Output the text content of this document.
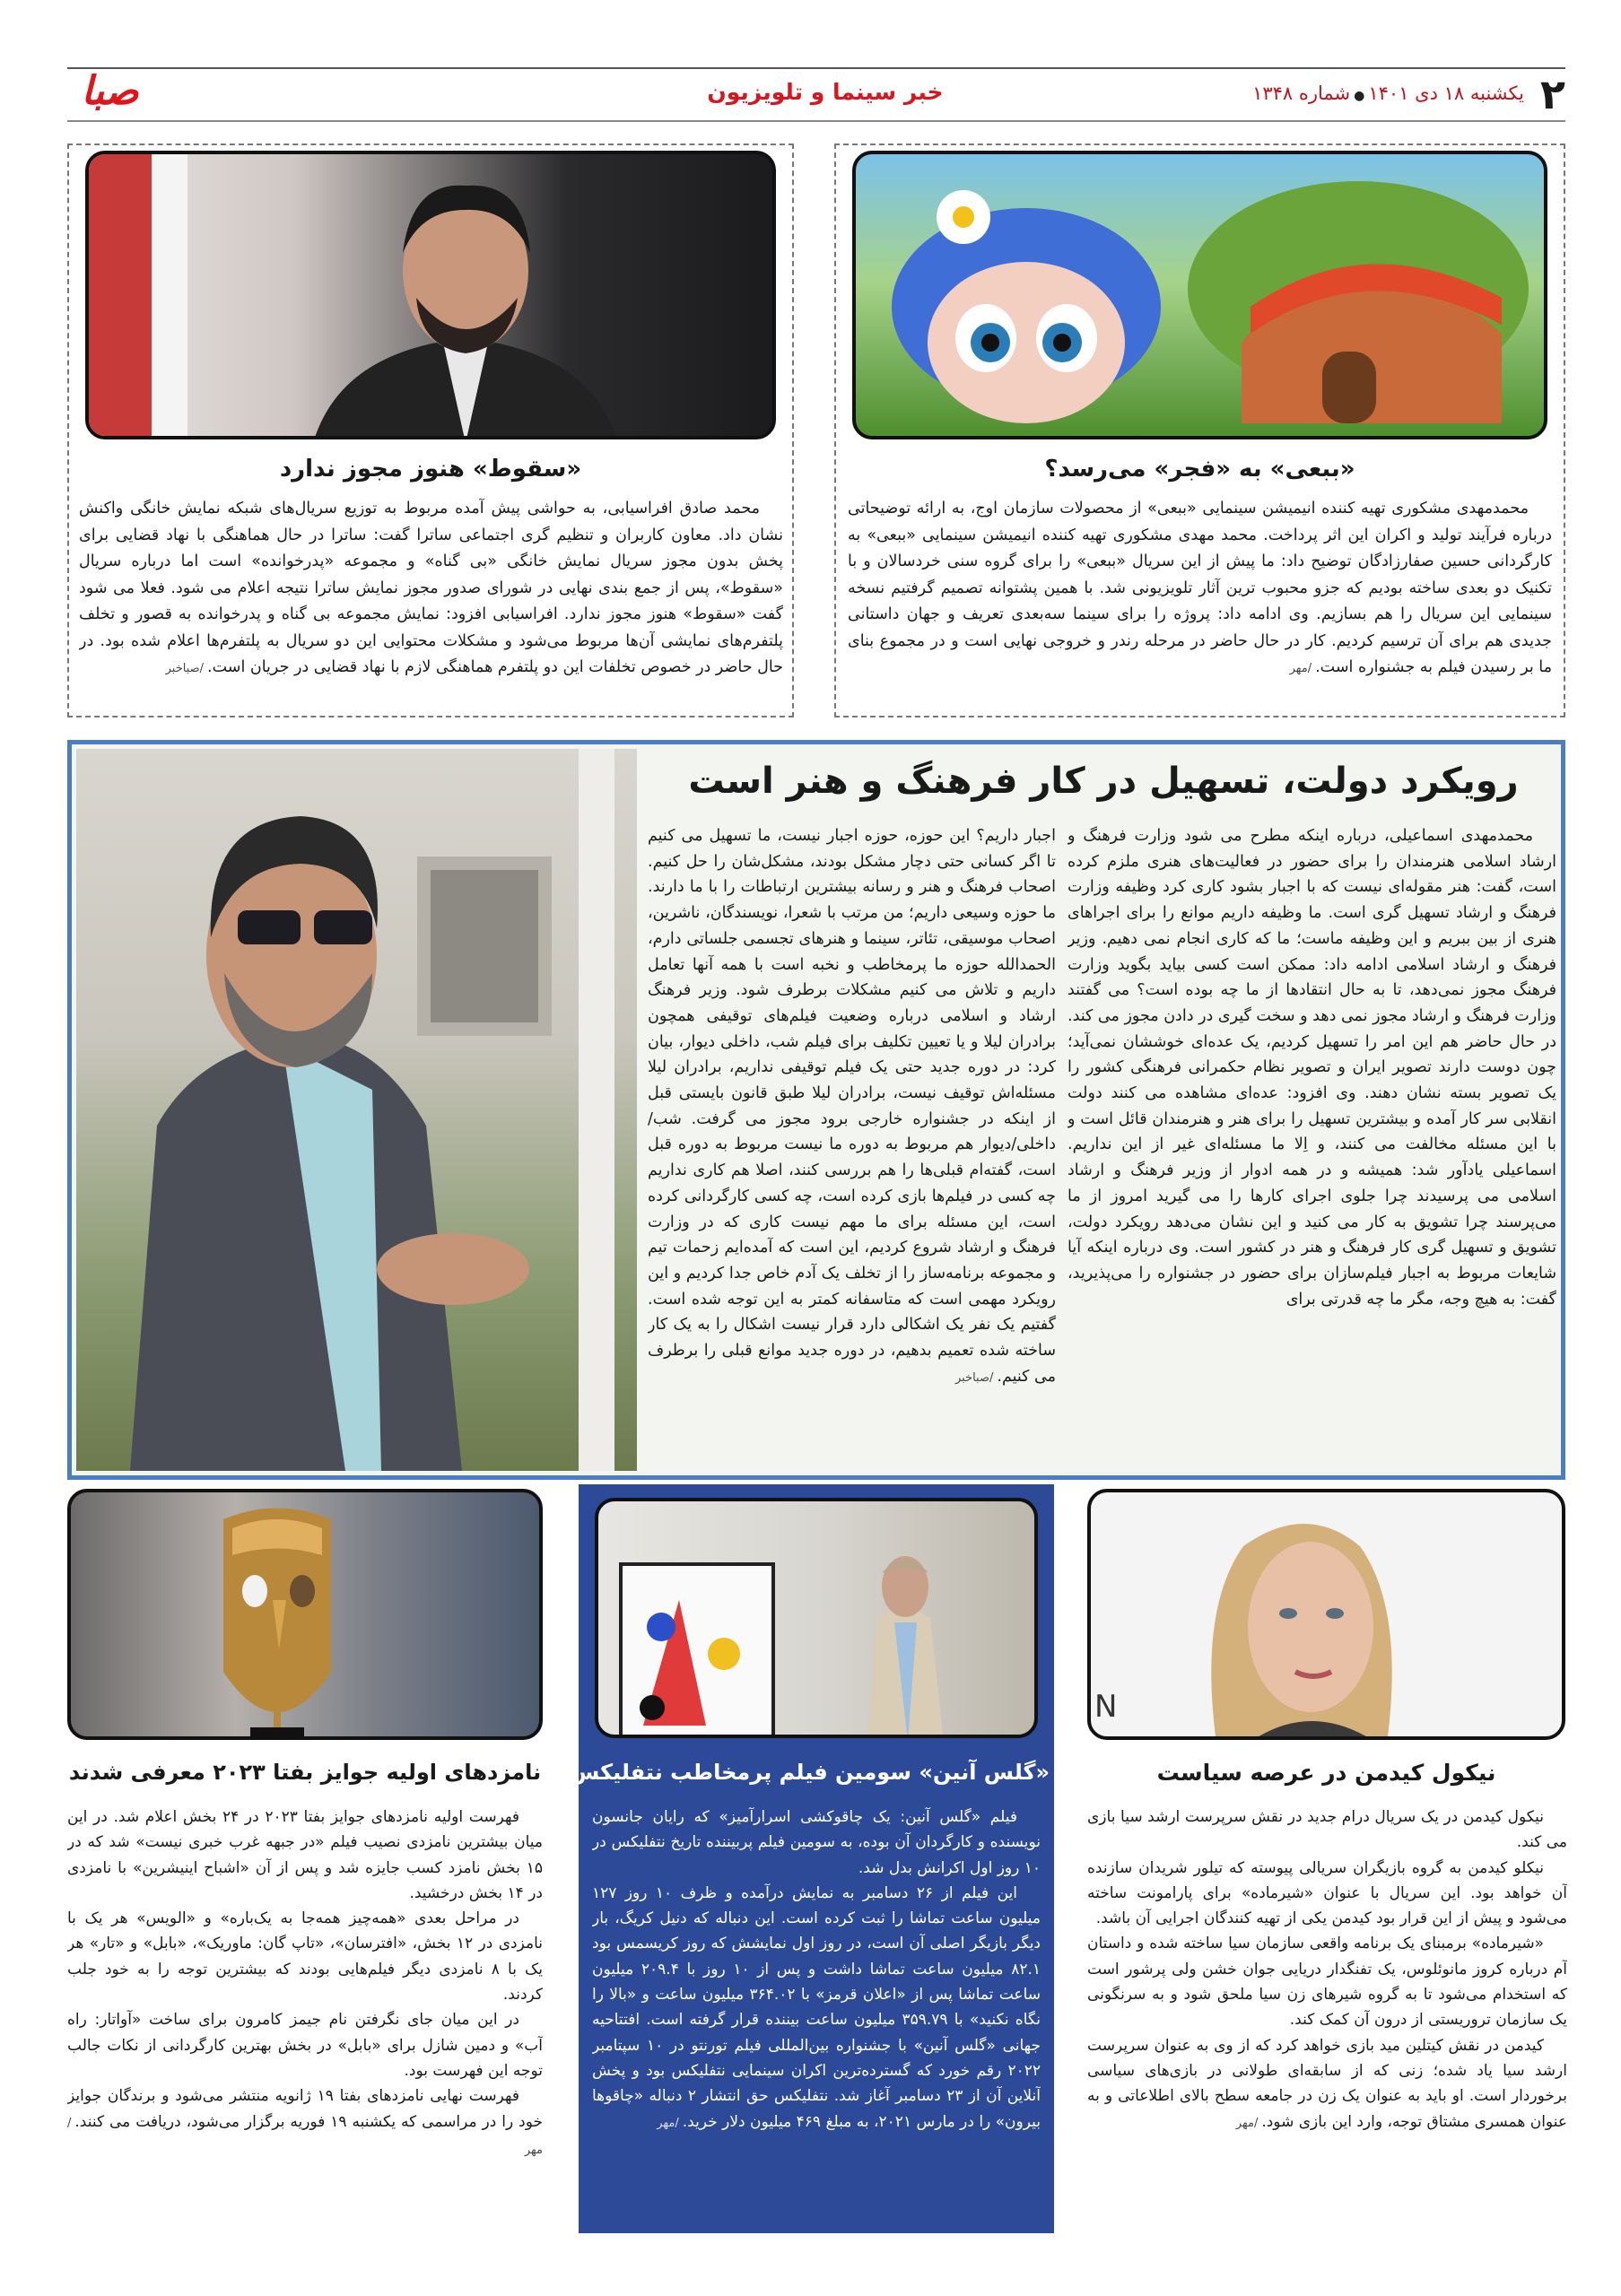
صبا	خبر سینما و تلویزیون	۲
یکشنبه ۱۸ دی ۱۴۰۱●شماره ۱۳۴۸
«ببعی» به «فجر» می‌رسد؟

محمدمهدی مشکوری تهیه کننده انیمیشن سینمایی «ببعی» از محصولات سازمان اوج، به ارائه توضیحاتی درباره فرآیند تولید و اکران این اثر پرداخت. محمد مهدی مشکوری تهیه کننده انیمیشن سینمایی «ببعی» به کارگردانی حسین صفارزادگان توضیح داد: ما پیش از این سریال «ببعی» را برای گروه سنی خردسالان و با تکنیک دو بعدی ساخته بودیم که جزو محبوب ترین آثار تلویزیونی شد. با همین پشتوانه تصمیم گرفتیم نسخه سینمایی این سریال را هم بسازیم. وی ادامه داد: پروژه را برای سینما سه‌بعدی تعریف و جهان داستانی جدیدی هم برای آن ترسیم کردیم. کار در حال حاضر در مرحله رندر و خروجی نهایی است و در مجموع بنای ما بر رسیدن فیلم به جشنواره است./مهر

«سقوط» هنوز مجوز ندارد

محمد صادق افراسیابی، به حواشی پیش آمده مربوط به توزیع سریال‌های شبکه نمایش خانگی واکنش نشان داد. معاون کاربران و تنظیم گری اجتماعی ساترا گفت: ساترا در حال هماهنگی با نهاد قضایی برای پخش بدون مجوز سریال نمایش خانگی «بی گناه» و مجموعه «پدرخوانده» است اما درباره سریال «سقوط»، پس از جمع بندی نهایی در شورای صدور مجوز نمایش ساترا نتیجه اعلام می شود. فعلا می شود گفت «سقوط» هنوز مجوز ندارد. افراسیابی افزود: نمایش مجموعه بی گناه و پدرخوانده به قصور و تخلف پلتفرم‌های نمایشی آن‌ها مربوط می‌شود و مشکلات محتوایی این دو سریال به پلتفرم‌ها اعلام شده بود. در حال حاضر در خصوص تخلفات این دو پلتفرم هماهنگی لازم با نهاد قضایی در جریان است./صباخبر

رویکرد دولت، تسهیل در کار فرهنگ و هنر است

محمدمهدی اسماعیلی، درباره اینکه مطرح می شود وزارت فرهنگ و ارشاد اسلامی هنرمندان را برای حضور در فعالیت‌های هنری ملزم کرده است، گفت: هنر مقوله‌ای نیست که با اجبار بشود کاری کرد وظیفه وزارت فرهنگ و ارشاد تسهیل گری است. ما وظیفه داریم موانع را برای اجراهای هنری از بین ببریم و این وظیفه ماست؛ ما که کاری انجام نمی دهیم. وزیر فرهنگ و ارشاد اسلامی ادامه داد: ممکن است کسی بیاید بگوید وزارت فرهنگ مجوز نمی‌دهد، تا به حال انتقادها از ما چه بوده است؟ می گفتند وزارت فرهنگ و ارشاد مجوز نمی دهد و سخت گیری در دادن مجوز می کند. در حال حاضر هم این امر را تسهیل کردیم، یک عده‌ای خوششان نمی‌آید؛ چون دوست دارند تصویر ایران و تصویر نظام حکمرانی فرهنگی کشور را یک تصویر بسته نشان دهند. وی افزود: عده‌ای مشاهده می کنند دولت انقلابی سر کار آمده و بیشترین تسهیل را برای هنر و هنرمندان قائل است و با این مسئله مخالفت می کنند، و اِلا ما مسئله‌ای غیر از این نداریم. اسماعیلی یادآور شد: همیشه و در همه ادوار از وزیر فرهنگ و ارشاد اسلامی می پرسیدند چرا جلوی اجرای کارها را می گیرید امروز از ما می‌پرسند چرا تشویق به کار می کنید و این نشان می‌دهد رویکرد دولت، تشویق و تسهیل گری کار فرهنگ و هنر در کشور است. وی درباره اینکه آیا شایعات مربوط به اجبار فیلم‌سازان برای حضور در جشنواره را می‌پذیرید، گفت: به هیچ وجه، مگر ما چه قدرتی برای

اجبار داریم؟ این حوزه، حوزه اجبار نیست، ما تسهیل می کنیم تا اگر کسانی حتی دچار مشکل بودند، مشکل‌شان را حل کنیم. اصحاب فرهنگ و هنر و رسانه بیشترین ارتباطات را با ما دارند. ما حوزه وسیعی داریم؛ من مرتب با شعرا، نویسندگان، ناشرین، اصحاب موسیقی، تئاتر، سینما و هنرهای تجسمی جلساتی دارم، الحمدالله حوزه ما پرمخاطب و نخبه است با همه آنها تعامل داریم و تلاش می کنیم مشکلات برطرف شود. وزیر فرهنگ ارشاد و اسلامی درباره وضعیت فیلم‌های توقیفی همچون برادران لیلا و یا تعیین تکلیف برای فیلم شب، داخلی دیوار، بیان کرد: در دوره جدید حتی یک فیلم توقیفی نداریم، برادران لیلا مسئله‌اش توقیف نیست، برادران لیلا طبق قانون بایستی قبل از اینکه در جشنواره خارجی برود مجوز می گرفت. شب/داخلی/دیوار هم مربوط به دوره ما نیست مربوط به دوره قبل است، گفته‌ام قبلی‌ها را هم بررسی کنند، اصلا هم کاری نداریم چه کسی در فیلم‌ها بازی کرده است، چه کسی کارگردانی کرده است، این مسئله برای ما مهم نیست کاری که در وزارت فرهنگ و ارشاد شروع کردیم، این است که آمده‌ایم زحمات تیم و مجموعه برنامه‌ساز را از تخلف یک آدم خاص جدا کردیم و این رویکرد مهمی است که متاسفانه کمتر به این توجه شده است. گفتیم یک نفر یک اشکالی دارد قرار نیست اشکال را به یک کار ساخته شده تعمیم بدهیم، در دوره جدید موانع قبلی را برطرف می کنیم./صباخبر

N
نیکول کیدمن در عرصه سیاست

نیکول کیدمن در یک سریال درام جدید در نقش سرپرست ارشد سیا بازی می کند.

نیکلو کیدمن به گروه بازیگران سریالی پیوسته که تیلور شریدان سازنده آن خواهد بود. این سریال با عنوان «شیرماده» برای پارامونت ساخته می‌شود و پیش از این قرار بود کیدمن یکی از تهیه کنندگان اجرایی آن باشد.

«شیرماده» برمبنای یک برنامه واقعی سازمان سیا ساخته شده و داستان آم درباره کروز مانوئلوس، یک تفنگدار دریایی جوان خشن ولی پرشور است که استخدام می‌شود تا به گروه شیرهای زن سیا ملحق شود و به سرنگونی یک سازمان تروریستی از درون آن کمک کند.

کیدمن در نقش کیتلین مید بازی خواهد کرد که از وی به عنوان سرپرست ارشد سیا یاد شده؛ زنی که از سابقه‌ای طولانی در بازی‌های سیاسی برخوردار است. او باید به عنوان یک زن در جامعه سطح بالای اطلاعاتی و به عنوان همسری مشتاق توجه، وارد این بازی شود./مهر

«گلس آنین» سومین فیلم پرمخاطب نتفلیکس شد

فیلم «گلس آنین: یک چاقوکشی اسرارآمیز» که رایان جانسون نویسنده و کارگردان آن بوده، به سومین فیلم پربیننده تاریخ نتفلیکس در ۱۰ روز اول اکرانش بدل شد.

این فیلم از ۲۶ دسامبر به نمایش درآمده و ظرف ۱۰ روز ۱۲۷ میلیون ساعت تماشا را ثبت کرده است. این دنباله که دنیل کریگ، بار دیگر بازیگر اصلی آن است، در روز اول نمایشش که روز کریسمس بود ۸۲.۱ میلیون ساعت تماشا داشت و پس از ۱۰ روز با ۲۰۹.۴ میلیون ساعت تماشا پس از «اعلان قرمز» با ۳۶۴.۰۲ میلیون ساعت و «بالا را نگاه نکنید» با ۳۵۹.۷۹ میلیون ساعت بیننده قرار گرفته است. افتتاحیه جهانی «گلس آنین» با جشنواره بین‌المللی فیلم تورنتو در ۱۰ سپتامبر ۲۰۲۲ رقم خورد که گسترده‌ترین اکران سینمایی نتفلیکس بود و پخش آنلاین آن از ۲۳ دسامبر آغاز شد. نتفلیکس حق انتشار ۲ دنباله «چاقوها بیرون» را در مارس ۲۰۲۱، به مبلغ ۴۶۹ میلیون دلار خرید./مهر

نامزدهای اولیه جوایز بفتا ۲۰۲۳ معرفی شدند

فهرست اولیه نامزدهای جوایز بفتا ۲۰۲۳ در ۲۴ بخش اعلام شد. در این میان بیشترین نامزدی نصیب فیلم «در جبهه غرب خبری نیست» شد که در ۱۵ بخش نامزد کسب جایزه شد و پس از آن «اشباح اینیشرین» با نامزدی در ۱۴ بخش درخشید.

در مراحل بعدی «همه‌چیز همه‌جا به یک‌باره» و «الویس» هر یک با نامزدی در ۱۲ بخش، «افترسان»، «تاپ گان: ماوریک»، «بابل» و «تار» هر یک با ۸ نامزدی دیگر فیلم‌هایی بودند که بیشترین توجه را به خود جلب کردند.

در این میان جای نگرفتن نام جیمز کامرون برای ساخت «آواتار: راه آب» و دمین شازل برای «بابل» در بخش بهترین کارگردانی از نکات جالب توجه این فهرست بود.

فهرست نهایی نامزدهای بفتا ۱۹ ژانویه منتشر می‌شود و برندگان جوایز خود را در مراسمی که یکشنبه ۱۹ فوریه برگزار می‌شود، دریافت می کنند./مهر
